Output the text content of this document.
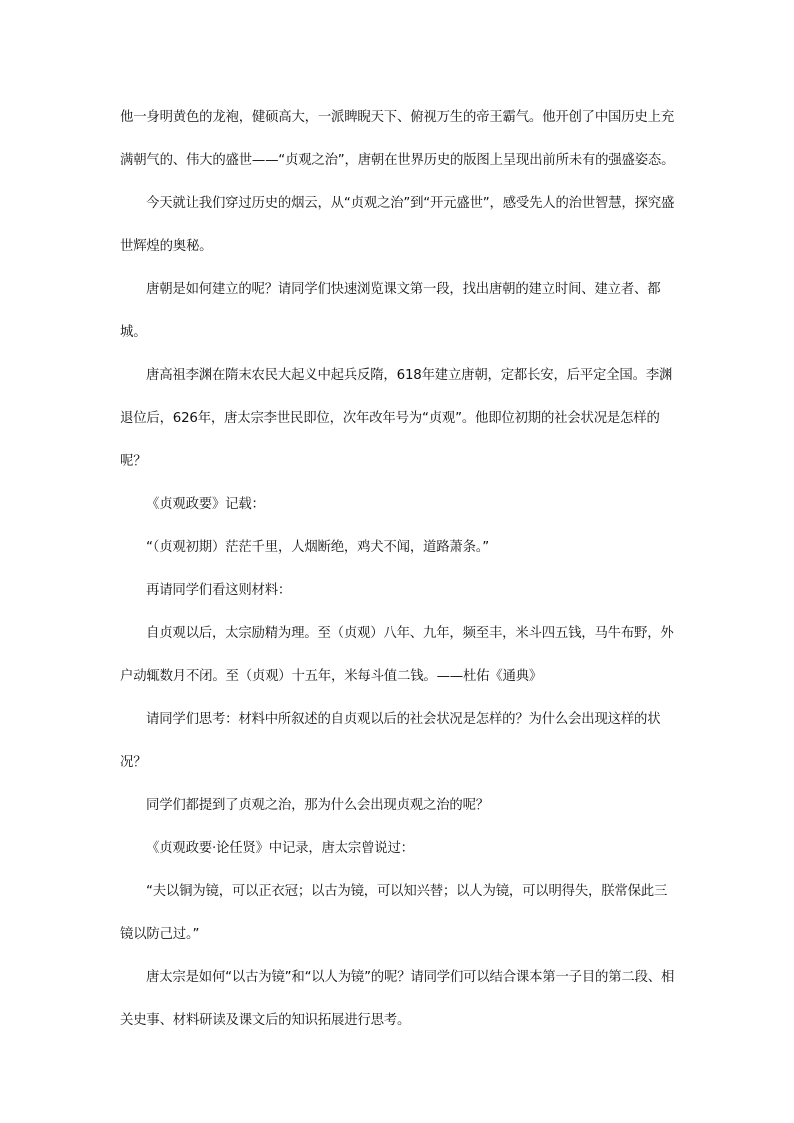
他一身明黄色的龙袍，健硕高大，一派睥睨天下、俯视万生的帝王霸气。他开创了中国历史上充满朝气的、伟大的盛世——“贞观之治”，唐朝在世界历史的版图上呈现出前所未有的强盛姿态。

今天就让我们穿过历史的烟云，从“贞观之治”到“开元盛世”，感受先人的治世智慧，探究盛世辉煌的奥秘。

唐朝是如何建立的呢？请同学们快速浏览课文第一段，找出唐朝的建立时间、建立者、都城。

唐高祖李渊在隋末农民大起义中起兵反隋，618年建立唐朝，定都长安，后平定全国。李渊退位后，626年，唐太宗李世民即位，次年改年号为“贞观”。他即位初期的社会状况是怎样的呢？

《贞观政要》记载：

“（贞观初期）茫茫千里，人烟断绝，鸡犬不闻，道路萧条。”

再请同学们看这则材料：

自贞观以后，太宗励精为理。至（贞观）八年、九年，频至丰，米斗四五钱，马牛布野，外户动辄数月不闭。至（贞观）十五年，米每斗值二钱。——杜佑《通典》

请同学们思考：材料中所叙述的自贞观以后的社会状况是怎样的？为什么会出现这样的状况？

同学们都提到了贞观之治，那为什么会出现贞观之治的呢？

《贞观政要·论任贤》中记录，唐太宗曾说过：

“夫以铜为镜，可以正衣冠；以古为镜，可以知兴替；以人为镜，可以明得失，朕常保此三镜以防己过。”

唐太宗是如何“以古为镜”和“以人为镜”的呢？请同学们可以结合课本第一子目的第二段、相关史事、材料研读及课文后的知识拓展进行思考。
